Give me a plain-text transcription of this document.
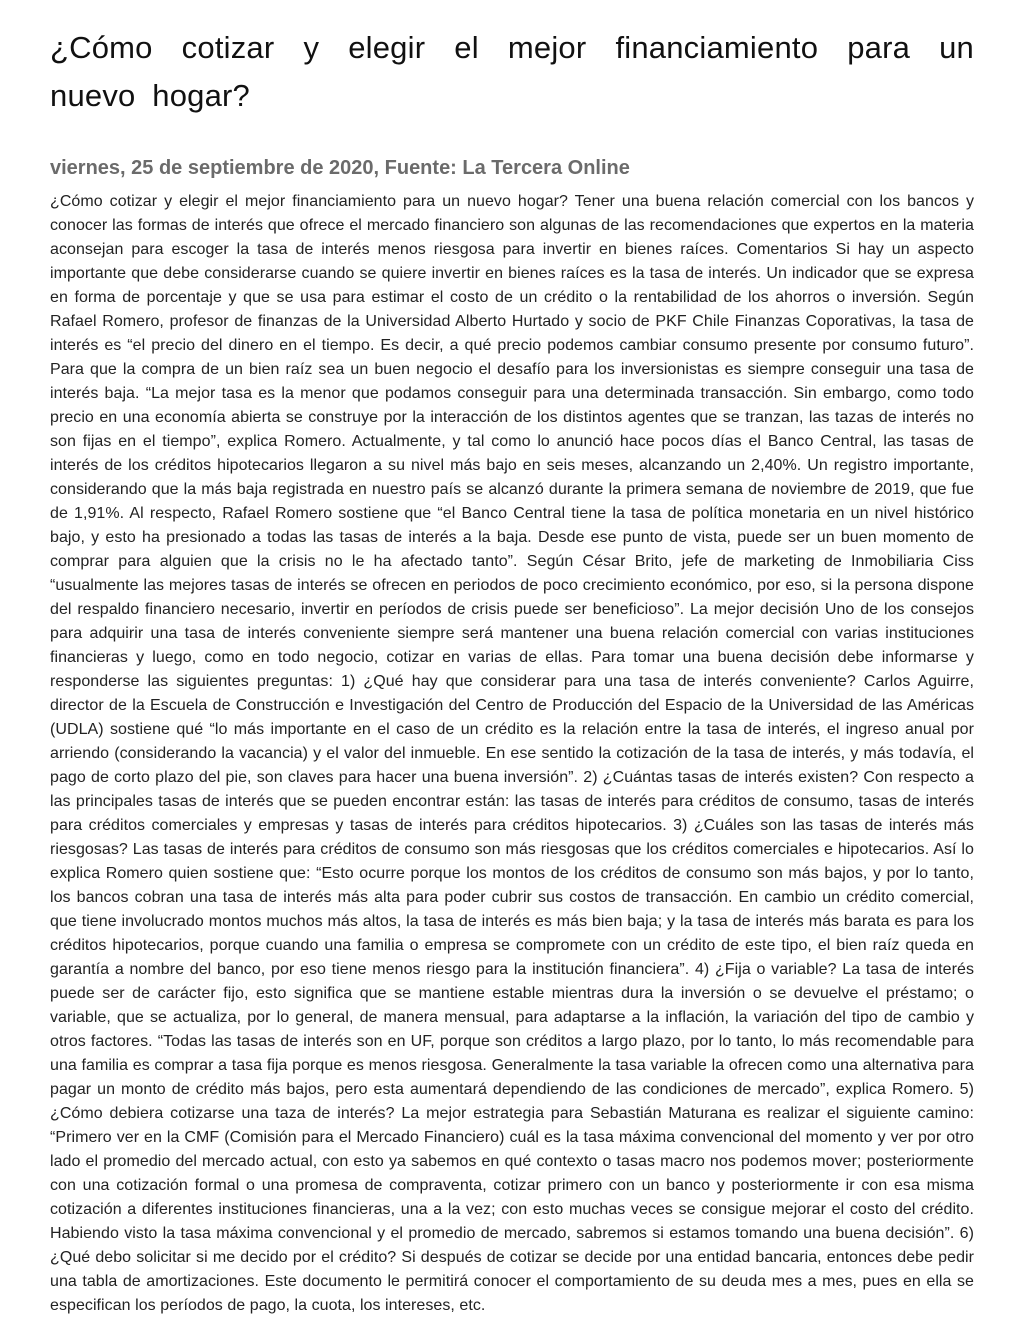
¿Cómo cotizar y elegir el mejor financiamiento para un nuevo hogar?
viernes, 25 de septiembre de 2020, Fuente: La Tercera Online

¿Cómo cotizar y elegir el mejor financiamiento para un nuevo hogar? Tener una buena relación comercial con los bancos y conocer las formas de interés que ofrece el mercado financiero son algunas de las recomendaciones que expertos en la materia aconsejan para escoger la tasa de interés menos riesgosa para invertir en bienes raíces. Comentarios Si hay un aspecto importante que debe considerarse cuando se quiere invertir en bienes raíces es la tasa de interés. Un indicador que se expresa en forma de porcentaje y que se usa para estimar el costo de un crédito o la rentabilidad de los ahorros o inversión. Según Rafael Romero, profesor de finanzas de la Universidad Alberto Hurtado y socio de PKF Chile Finanzas Coporativas, la tasa de interés es “el precio del dinero en el tiempo. Es decir, a qué precio podemos cambiar consumo presente por consumo futuro”. Para que la compra de un bien raíz sea un buen negocio el desafío para los inversionistas es siempre conseguir una tasa de interés baja. “La mejor tasa es la menor que podamos conseguir para una determinada transacción. Sin embargo, como todo precio en una economía abierta se construye por la interacción de los distintos agentes que se tranzan, las tazas de interés no son fijas en el tiempo”, explica Romero. Actualmente, y tal como lo anunció hace pocos días el Banco Central, las tasas de interés de los créditos hipotecarios llegaron a su nivel más bajo en seis meses, alcanzando un 2,40%. Un registro importante, considerando que la más baja registrada en nuestro país se alcanzó durante la primera semana de noviembre de 2019, que fue de 1,91%. Al respecto, Rafael Romero sostiene que “el Banco Central tiene la tasa de política monetaria en un nivel histórico bajo, y esto ha presionado a todas las tasas de interés a la baja. Desde ese punto de vista, puede ser un buen momento de comprar para alguien que la crisis no le ha afectado tanto”. Según César Brito, jefe de marketing de Inmobiliaria Ciss “usualmente las mejores tasas de interés se ofrecen en periodos de poco crecimiento económico, por eso, si la persona dispone del respaldo financiero necesario, invertir en períodos de crisis puede ser beneficioso”. La mejor decisión Uno de los consejos para adquirir una tasa de interés conveniente siempre será mantener una buena relación comercial con varias instituciones financieras y luego, como en todo negocio, cotizar en varias de ellas. Para tomar una buena decisión debe informarse y responderse las siguientes preguntas: 1) ¿Qué hay que considerar para una tasa de interés conveniente? Carlos Aguirre, director de la Escuela de Construcción e Investigación del Centro de Producción del Espacio de la Universidad de las Américas (UDLA) sostiene qué “lo más importante en el caso de un crédito es la relación entre la tasa de interés, el ingreso anual por arriendo (considerando la vacancia) y el valor del inmueble. En ese sentido la cotización de la tasa de interés, y más todavía, el pago de corto plazo del pie, son claves para hacer una buena inversión”. 2) ¿Cuántas tasas de interés existen? Con respecto a las principales tasas de interés que se pueden encontrar están: las tasas de interés para créditos de consumo, tasas de interés para créditos comerciales y empresas y tasas de interés para créditos hipotecarios. 3) ¿Cuáles son las tasas de interés más riesgosas? Las tasas de interés para créditos de consumo son más riesgosas que los créditos comerciales e hipotecarios. Así lo explica Romero quien sostiene que: “Esto ocurre porque los montos de los créditos de consumo son más bajos, y por lo tanto, los bancos cobran una tasa de interés más alta para poder cubrir sus costos de transacción. En cambio un crédito comercial, que tiene involucrado montos muchos más altos, la tasa de interés es más bien baja; y la tasa de interés más barata es para los créditos hipotecarios, porque cuando una familia o empresa se compromete con un crédito de este tipo, el bien raíz queda en garantía a nombre del banco, por eso tiene menos riesgo para la institución financiera”. 4) ¿Fija o variable? La tasa de interés puede ser de carácter fijo, esto significa que se mantiene estable mientras dura la inversión o se devuelve el préstamo; o variable, que se actualiza, por lo general, de manera mensual, para adaptarse a la inflación, la variación del tipo de cambio y otros factores. “Todas las tasas de interés son en UF, porque son créditos a largo plazo, por lo tanto, lo más recomendable para una familia es comprar a tasa fija porque es menos riesgosa. Generalmente la tasa variable la ofrecen como una alternativa para pagar un monto de crédito más bajos, pero esta aumentará dependiendo de las condiciones de mercado”, explica Romero. 5) ¿Cómo debiera cotizarse una taza de interés? La mejor estrategia para Sebastián Maturana es realizar el siguiente camino: “Primero ver en la CMF (Comisión para el Mercado Financiero) cuál es la tasa máxima convencional del momento y ver por otro lado el promedio del mercado actual, con esto ya sabemos en qué contexto o tasas macro nos podemos mover; posteriormente con una cotización formal o una promesa de compraventa, cotizar primero con un banco y posteriormente ir con esa misma cotización a diferentes instituciones financieras, una a la vez; con esto muchas veces se consigue mejorar el costo del crédito. Habiendo visto la tasa máxima convencional y el promedio de mercado, sabremos si estamos tomando una buena decisión”. 6) ¿Qué debo solicitar si me decido por el crédito? Si después de cotizar se decide por una entidad bancaria, entonces debe pedir una tabla de amortizaciones. Este documento le permitirá conocer el comportamiento de su deuda mes a mes, pues en ella se especifican los períodos de pago, la cuota, los intereses, etc.
